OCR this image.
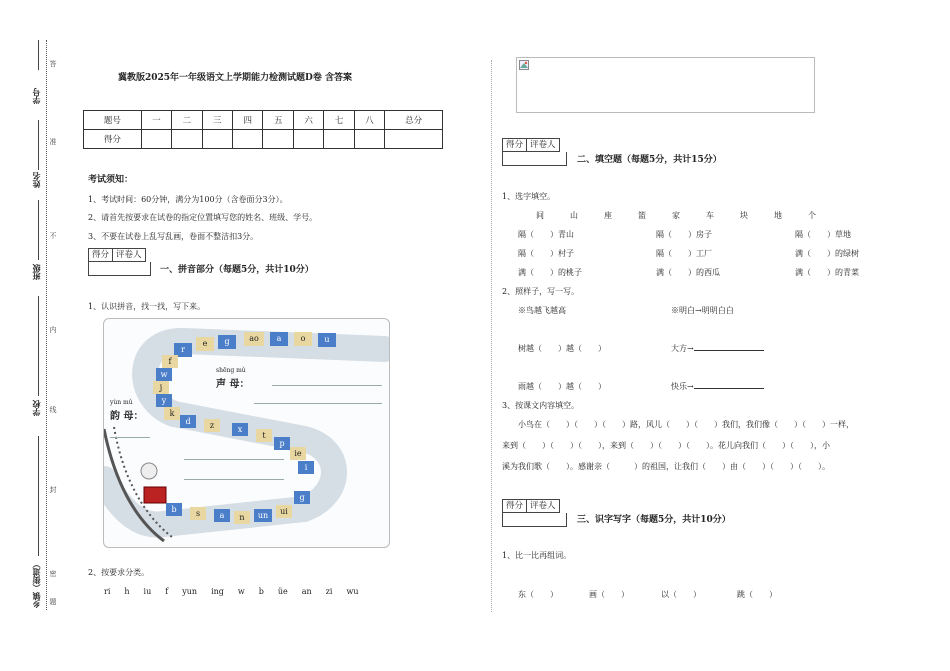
学号
姓名
班级
学校
乡镇（街道）
答
准
不
内
线
封
密
题
冀教版2025年一年级语文上学期能力检测试题D卷 含答案
题号	一	二	三	四	五	六	七	八	总分
得分									
考试须知：
1、考试时间：60分钟，满分为100分（含卷面分3分）。
2、请首先按要求在试卷的指定位置填写您的姓名、班级、学号。
3、不要在试卷上乱写乱画，卷面不整洁扣3分。
得分 评卷人
一、拼音部分（每题5分，共计10分）
1、认识拼音，找一找，写下来。
r
e	g	ao	a	o	u
f
w
j
y
k
d	z	x
t
p
ie
i
b	s	a	n	un	ui
g
shēng mǔ
声 母：
yùn mǔ
韵 母：
2、按要求分类。
ri h iu f yun ing w b üe an zi wu
得分 评卷人
二、填空题（每题5分，共计15分）
1、选字填空。
间	山	座	篮	家	车	块	地	个
隔（　　）青山	隔（　　）房子	隔（　　）草地
隔（　　）村子	隔（　　）工厂	满（　　）的绿树
满（　　）的桃子	满（　　）的西瓜	满（　　）的青菜
2、照样子，写一写。
※鸟越飞越高	※明白→明明白白
树越（　　）越（　　）	大方→
雨越（　　）越（　　）	快乐→
3、按课文内容填空。
小鸟在（　　）（　　）（　　）路，风儿（　　）（　　）我们，我们像（　　）（　　）一样，
来到（　　）（　　）（　　），来到（　　）（　　）（　　）。花儿向我们（　　）（　　），小
溪为我们歌（　　）。感谢亲（　　　）的祖国，让我们（　　）由（　　）（　　）（　　）。
得分 评卷人
三、识字写字（每题5分，共计10分）
1、比一比再组词。
东（　　）	画（　　）	以（　　）	跳（　　）
